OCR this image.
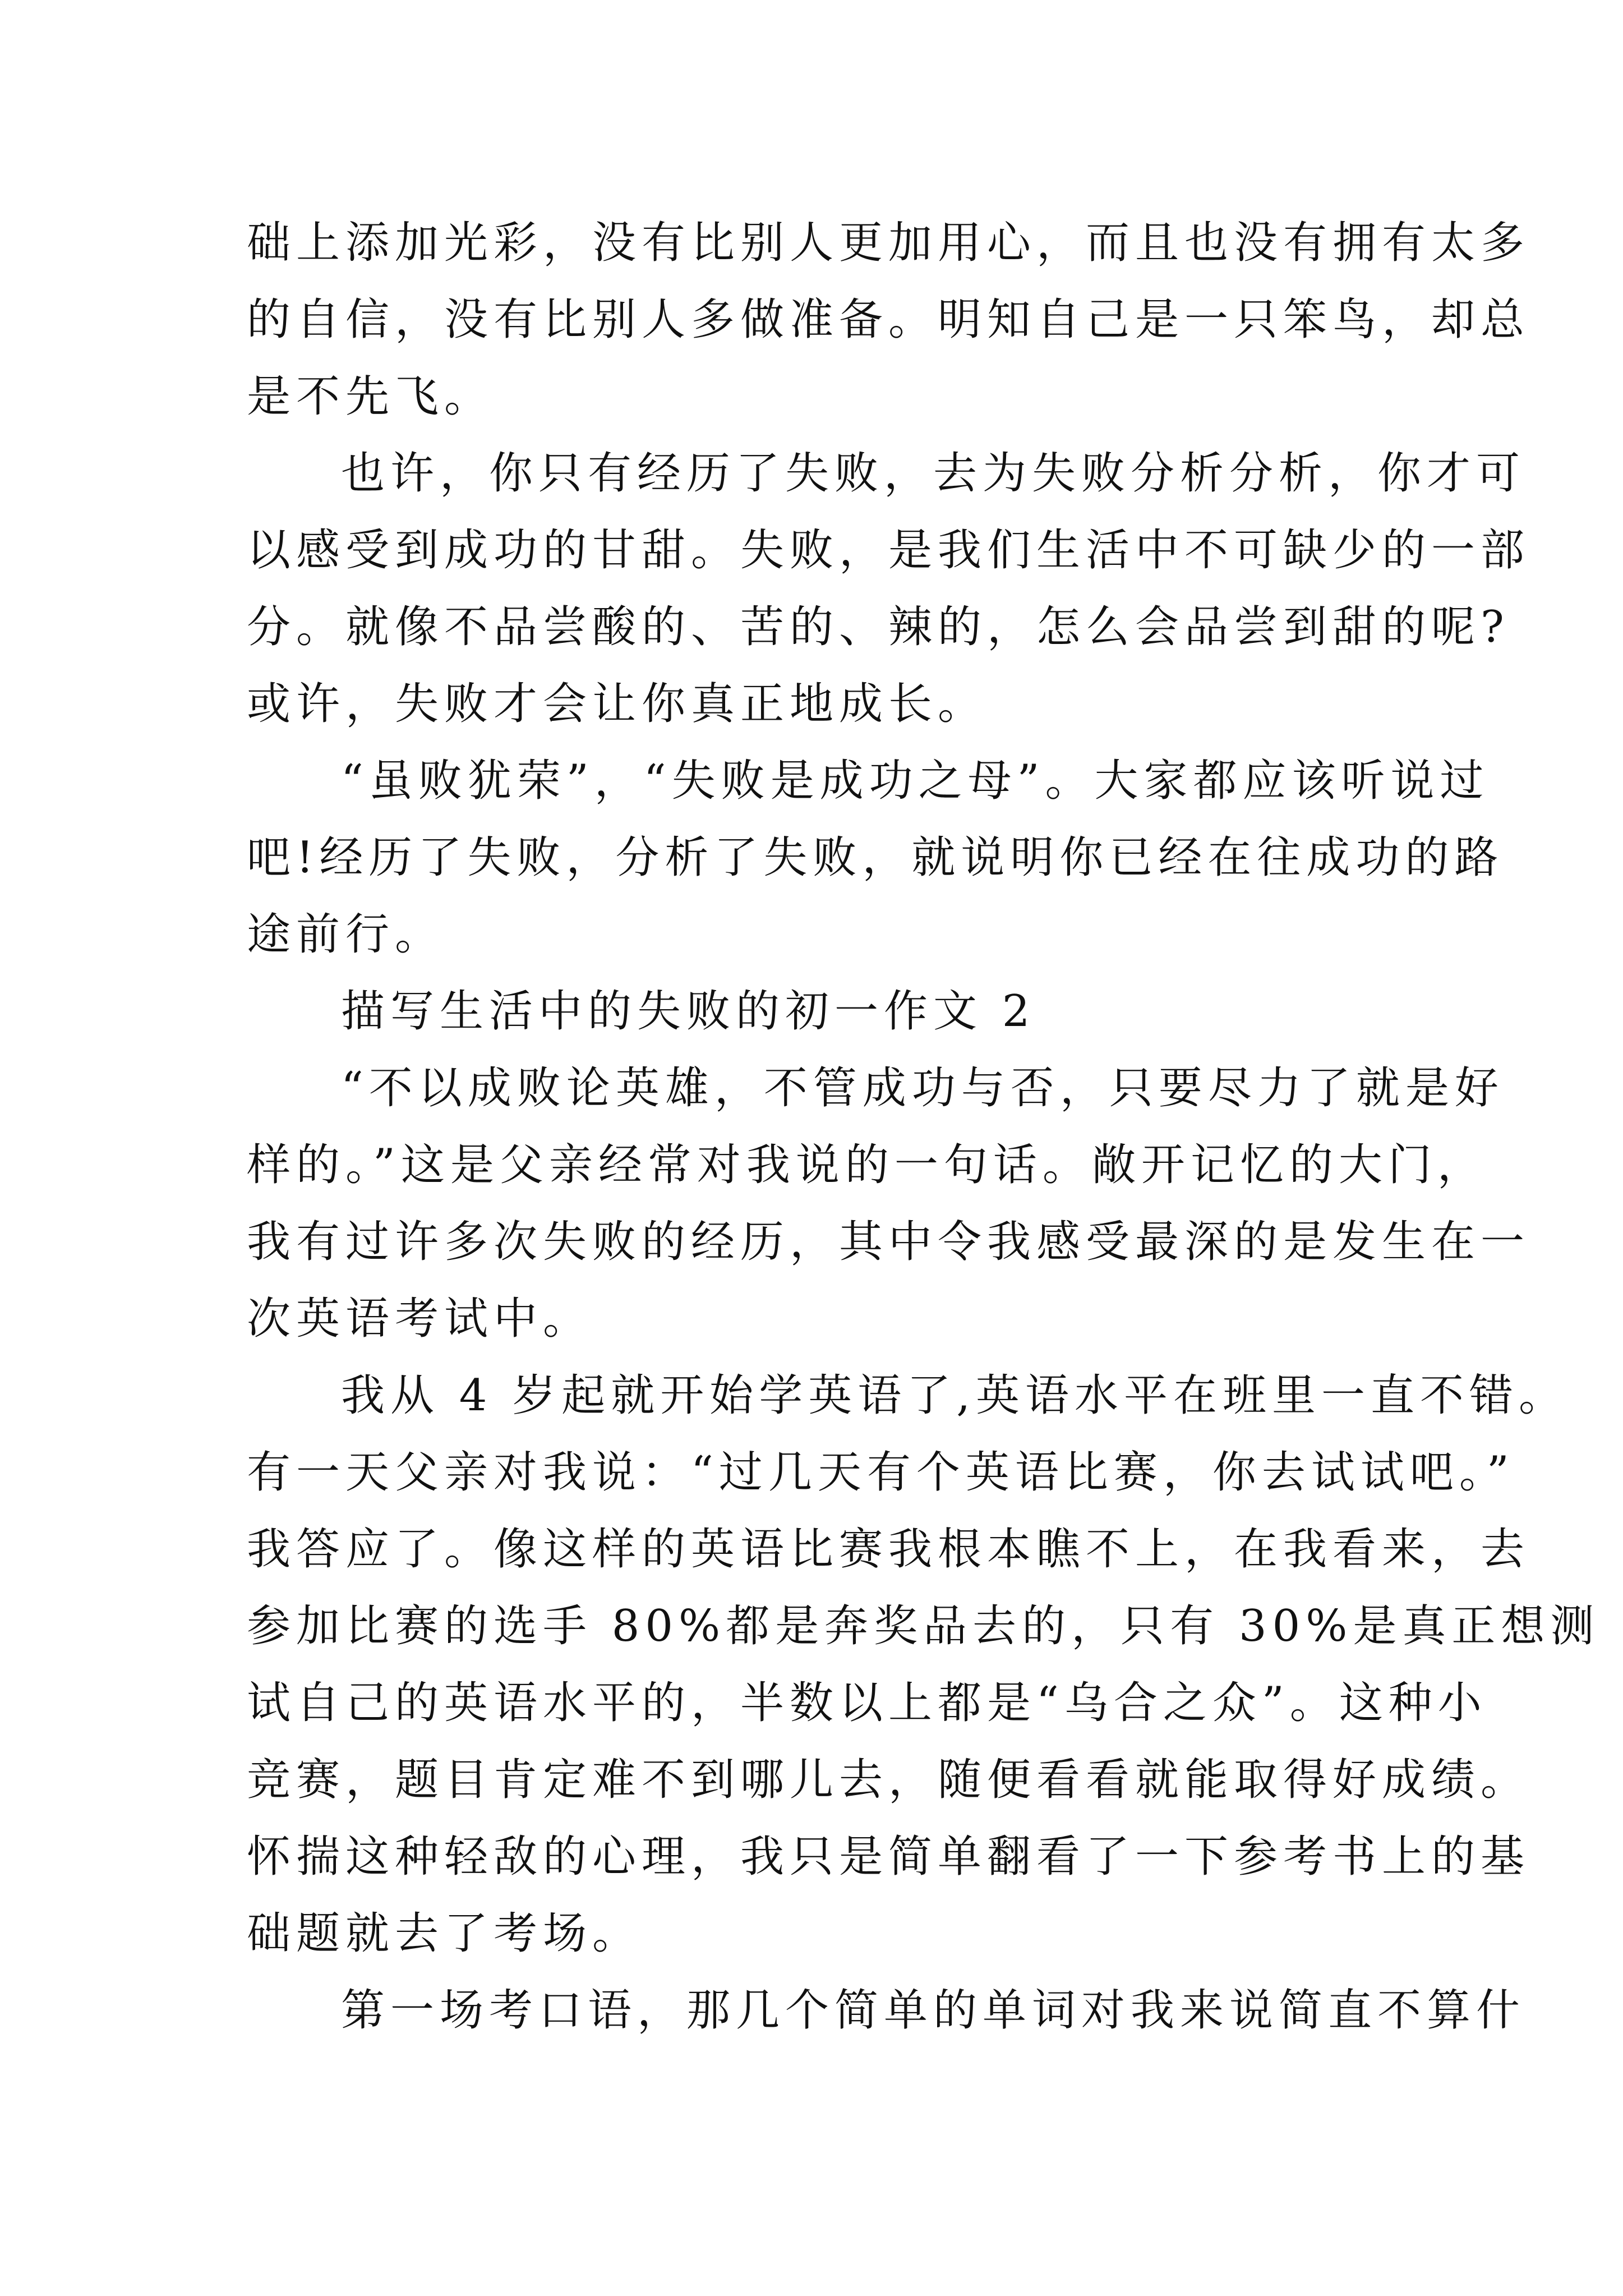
础上添加光彩，没有比别人更加用心，而且也没有拥有太多
的自信，没有比别人多做准备。明知自己是一只笨鸟，却总
是不先飞。
也许，你只有经历了失败，去为失败分析分析，你才可
以感受到成功的甘甜。失败，是我们生活中不可缺少的一部
分。就像不品尝酸的、苦的、辣的，怎么会品尝到甜的呢?
或许，失败才会让你真正地成长。
“虽败犹荣”，“失败是成功之母”。大家都应该听说过
吧!经历了失败，分析了失败，就说明你已经在往成功的路
途前行。
描写生活中的失败的初一作文 2
“不以成败论英雄，不管成功与否，只要尽力了就是好
样的。”这是父亲经常对我说的一句话。敞开记忆的大门，
我有过许多次失败的经历，其中令我感受最深的是发生在一
次英语考试中。
我从 4 岁起就开始学英语了,英语水平在班里一直不错。
有一天父亲对我说：“过几天有个英语比赛，你去试试吧。”
我答应了。像这样的英语比赛我根本瞧不上，在我看来，去
参加比赛的选手 80%都是奔奖品去的，只有 30%是真正想测
试自己的英语水平的，半数以上都是“乌合之众”。这种小
竞赛，题目肯定难不到哪儿去，随便看看就能取得好成绩。
怀揣这种轻敌的心理，我只是简单翻看了一下参考书上的基
础题就去了考场。
第一场考口语，那几个简单的单词对我来说简直不算什
